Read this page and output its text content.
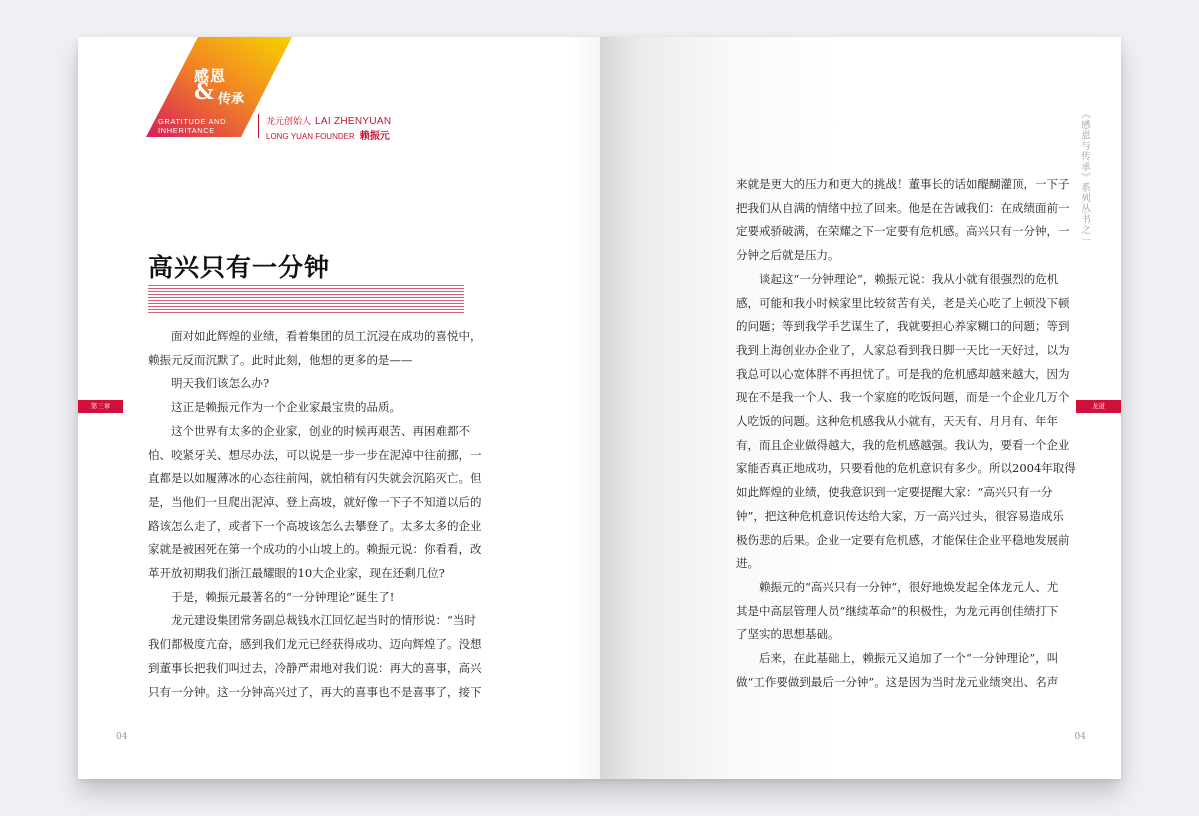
感恩
& 传承
GRATITUDE AND
INHERITANCE
龙元创始人 LAI ZHENYUAN
LONG YUAN FOUNDER 赖振元
高兴只有一分钟

　　面对如此辉煌的业绩，看着集团的员工沉浸在成功的喜悦中，

赖振元反而沉默了。此时此刻，他想的更多的是——

　　明天我们该怎么办?

　　这正是赖振元作为一个企业家最宝贵的品质。

　　这个世界有太多的企业家，创业的时候再艰苦、再困难都不

怕、咬紧牙关、想尽办法，可以说是一步一步在泥淖中往前挪，一

直都是以如履薄冰的心态往前闯，就怕稍有闪失就会沉陷灭亡。但

是，当他们一旦爬出泥淖、登上高坡，就好像一下子不知道以后的

路该怎么走了，或者下一个高坡该怎么去攀登了。太多太多的企业

家就是被困死在第一个成功的小山坡上的。赖振元说：你看看，改

革开放初期我们浙江最耀眼的10大企业家，现在还剩几位?

　　于是，赖振元最著名的“一分钟理论”诞生了!

　　龙元建设集团常务副总裁钱水江回忆起当时的情形说：“当时

我们都极度亢奋，感到我们龙元已经获得成功、迈向辉煌了。没想

到董事长把我们叫过去，冷静严肃地对我们说：再大的喜事，高兴

只有一分钟。这一分钟高兴过了，再大的喜事也不是喜事了，接下

第三章
04
《感恩与传承》系列丛书之一

来就是更大的压力和更大的挑战！董事长的话如醍醐灌顶，一下子

把我们从自满的情绪中拉了回来。他是在告诫我们：在成绩面前一

定要戒骄破满，在荣耀之下一定要有危机感。高兴只有一分钟，一

分钟之后就是压力。

　　谈起这“一分钟理论”，赖振元说：我从小就有很强烈的危机

感，可能和我小时候家里比较贫苦有关，老是关心吃了上顿没下顿

的问题；等到我学手艺谋生了，我就要担心养家糊口的问题；等到

我到上海创业办企业了，人家总看到我日脚一天比一天好过，以为

我总可以心宽体胖不再担忧了。可是我的危机感却越来越大，因为

现在不是我一个人、我一个家庭的吃饭问题，而是一个企业几万个

人吃饭的问题。这种危机感我从小就有，天天有、月月有、年年

有，而且企业做得越大，我的危机感越强。我认为，要看一个企业

家能否真正地成功，只要看他的危机意识有多少。所以2004年取得

如此辉煌的业绩，使我意识到一定要提醒大家：“高兴只有一分

钟”，把这种危机意识传达给大家，万一高兴过头，很容易造成乐

极伤悲的后果。企业一定要有危机感，才能保住企业平稳地发展前

进。

　　赖振元的“高兴只有一分钟”，很好地焕发起全体龙元人、尤

其是中高层管理人员“继续革命”的积极性，为龙元再创佳绩打下

了坚实的思想基础。

　　后来，在此基础上，赖振元又追加了一个“一分钟理论”，叫

做“工作要做到最后一分钟”。这是因为当时龙元业绩突出、名声

龙道
04
